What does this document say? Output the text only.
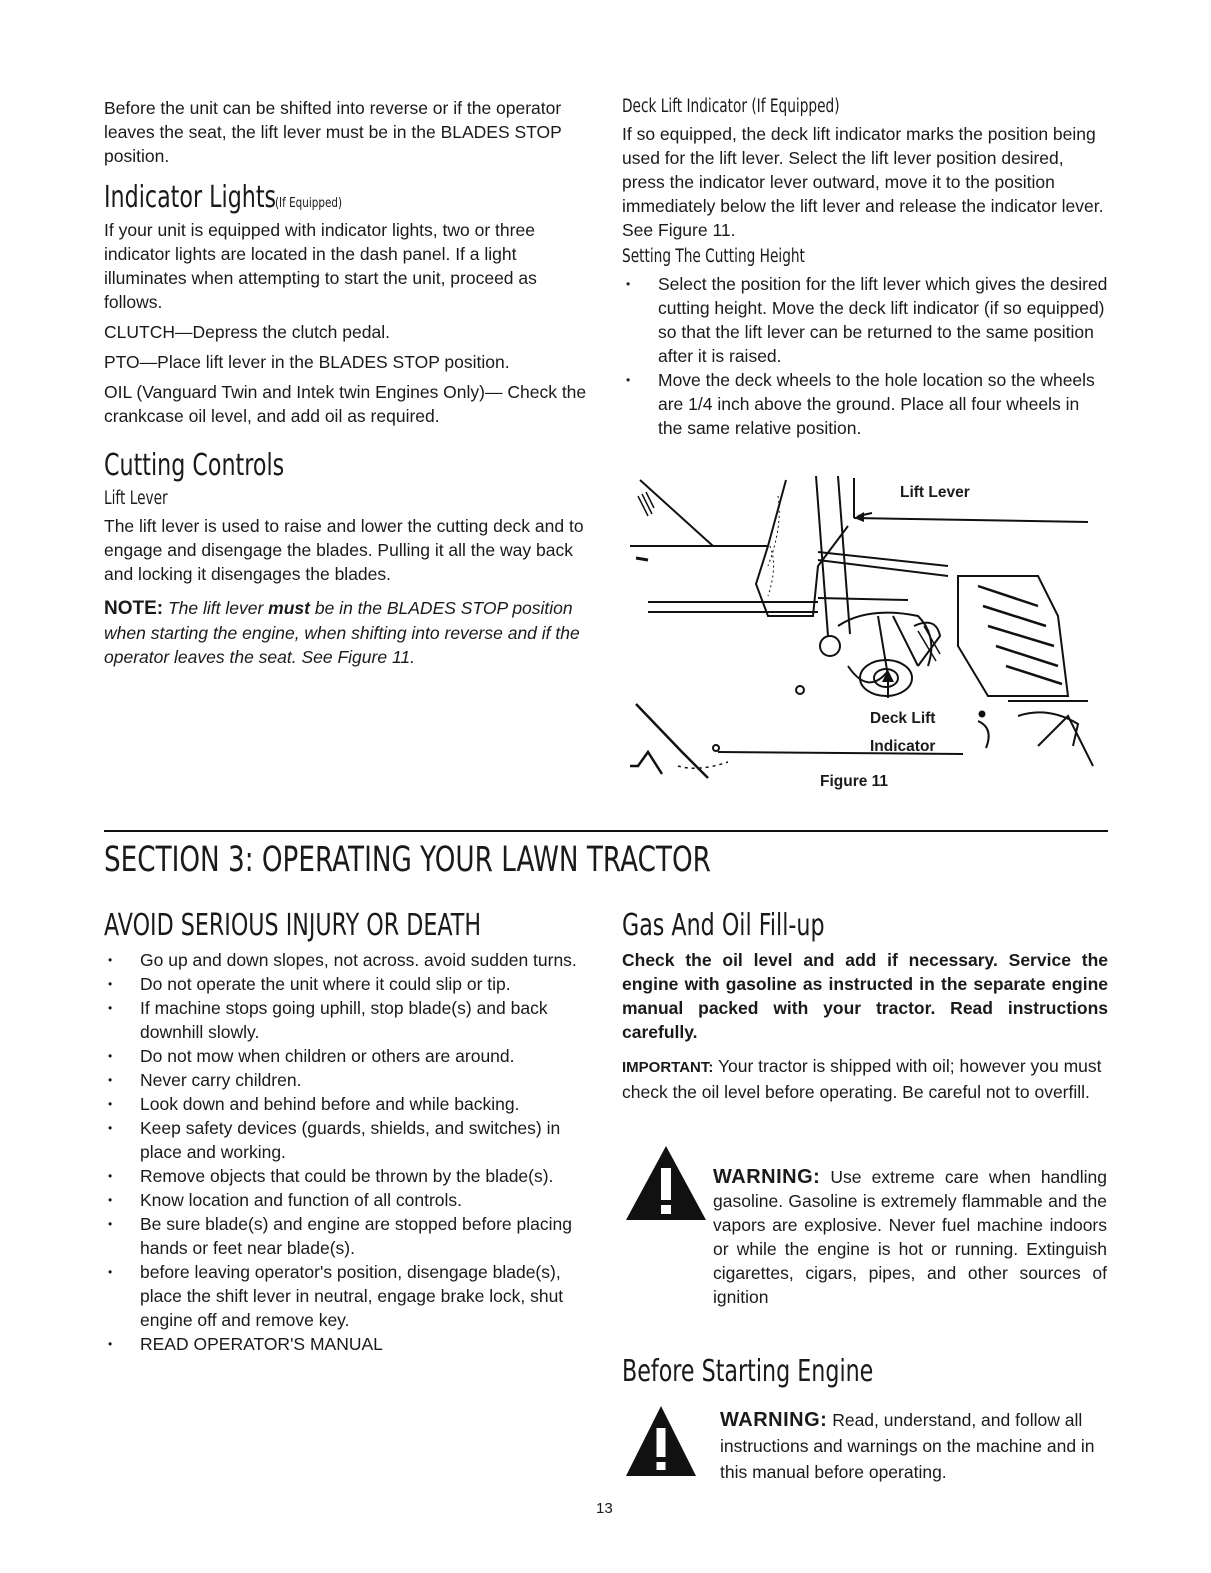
Before the unit can be shifted into reverse or if the operator leaves the seat, the lift lever must be in the BLADES STOP position.

Indicator Lights(If Equipped)

If your unit is equipped with indicator lights, two or three indicator lights are located in the dash panel. If a light illuminates when attempting to start the unit, proceed as follows.

CLUTCH—Depress the clutch pedal.

PTO—Place lift lever in the BLADES STOP position.

OIL (Vanguard Twin and Intek twin Engines Only)— Check the crankcase oil level, and add oil as required.

Cutting Controls
Lift Lever

The lift lever is used to raise and lower the cutting deck and to engage and disengage the blades. Pulling it all the way back and locking it disengages the blades.

NOTE: The lift lever must be in the BLADES STOP position when starting the engine, when shifting into reverse and if the operator leaves the seat. See Figure 11.

Deck Lift Indicator (If Equipped)

If so equipped, the deck lift indicator marks the position being used for the lift lever. Select the lift lever position desired, press the indicator lever outward, move it to the position immediately below the lift lever and release the indicator lever. See Figure 11.

Setting The Cutting Height
• Select the position for the lift lever which gives the desired cutting height. Move the deck lift indicator (if so equipped) so that the lift lever can be returned to the same position after it is raised.
• Move the deck wheels to the hole location so the wheels are 1/4 inch above the ground. Place all four wheels in the same relative position.
Lift Lever
Deck Lift
Indicator
Figure 11
SECTION 3: OPERATING YOUR LAWN TRACTOR
AVOID SERIOUS INJURY OR DEATH
• Go up and down slopes, not across. avoid sudden turns.
• Do not operate the unit where it could slip or tip.
• If machine stops going uphill, stop blade(s) and back downhill slowly.
• Do not mow when children or others are around.
• Never carry children.
• Look down and behind before and while backing.
• Keep safety devices (guards, shields, and switches) in place and working.
• Remove objects that could be thrown by the blade(s).
• Know location and function of all controls.
• Be sure blade(s) and engine are stopped before placing hands or feet near blade(s).
• before leaving operator's position, disengage blade(s), place the shift lever in neutral, engage brake lock, shut engine off and remove key.
• READ OPERATOR'S MANUAL
Gas And Oil Fill-up

Check the oil level and add if necessary. Service the engine with gasoline as instructed in the separate engine manual packed with your tractor. Read instructions carefully.

IMPORTANT: Your tractor is shipped with oil; however you must check the oil level before operating. Be careful not to overfill.

WARNING: Use extreme care when handling gasoline. Gasoline is extremely flammable and the vapors are explosive. Never fuel machine indoors or while the engine is hot or running. Extinguish cigarettes, cigars, pipes, and other sources of ignition
Before Starting Engine
WARNING: Read, understand, and follow all instructions and warnings on the machine and in this manual before operating.
13
